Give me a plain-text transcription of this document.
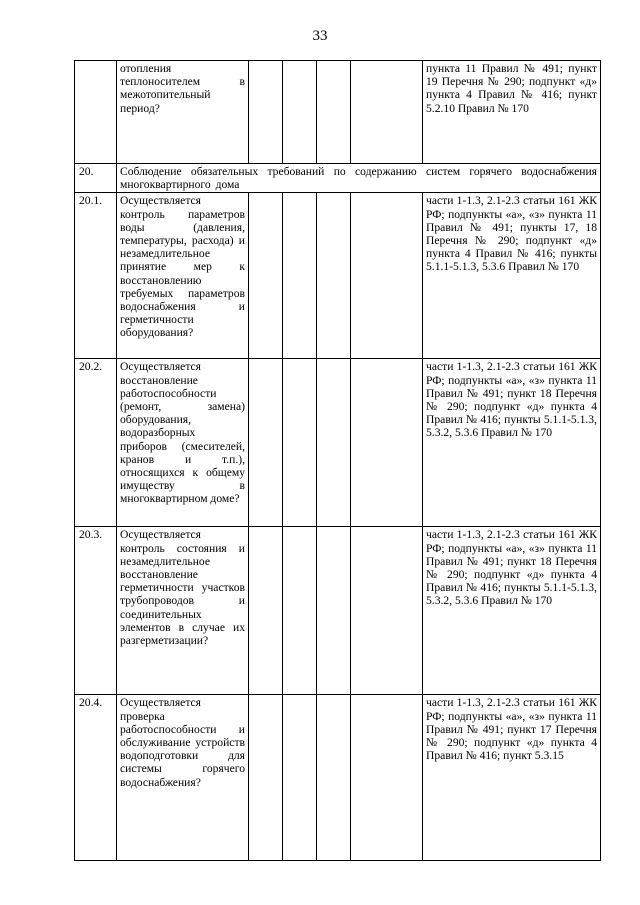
33
	отопления теплоносителем в межотопительный период?					пункта 11 Правил № 491; пункт 19 Перечня № 290; подпункт «д» пункта 4 Правил № 416; пункт 5.2.10 Правил № 170
20.	Соблюдение обязательных требований по содержанию систем горячего водоснабжения многоквартирного дома					
20.1.	Осуществляется контроль параметров воды (давления, температуры, расхода) и незамедлительное принятие мер к восстановлению требуемых параметров водоснабжения и герметичности оборудования?					части 1-1.3, 2.1-2.3 статьи 161 ЖК РФ; подпункты «а», «з» пункта 11 Правил № 491; пункты 17, 18 Перечня № 290; подпункт «д» пункта 4 Правил № 416; пункты 5.1.1-5.1.3, 5.3.6 Правил № 170
20.2.	Осуществляется восстановление работоспособности (ремонт, замена) оборудования, водоразборных приборов (смесителей, кранов и т.п.), относящихся к общему имуществу в многоквартирном доме?					части 1-1.3, 2.1-2.3 статьи 161 ЖК РФ; подпункты «а», «з» пункта 11 Правил № 491; пункт 18 Перечня № 290; подпункт «д» пункта 4 Правил № 416; пункты 5.1.1-5.1.3, 5.3.2, 5.3.6 Правил № 170
20.3.	Осуществляется контроль состояния и незамедлительное восстановление герметичности участков трубопроводов и соединительных элементов в случае их разгерметизации?					части 1-1.3, 2.1-2.3 статьи 161 ЖК РФ; подпункты «а», «з» пункта 11 Правил № 491; пункт 18 Перечня № 290; подпункт «д» пункта 4 Правил № 416; пункты 5.1.1-5.1.3, 5.3.2, 5.3.6 Правил № 170
20.4.	Осуществляется проверка работоспособности и обслуживание устройств водоподготовки для системы горячего водоснабжения?					части 1-1.3, 2.1-2.3 статьи 161 ЖК РФ; подпункты «а», «з» пункта 11 Правил № 491; пункт 17 Перечня № 290; подпункт «д» пункта 4 Правил № 416; пункт 5.3.15
